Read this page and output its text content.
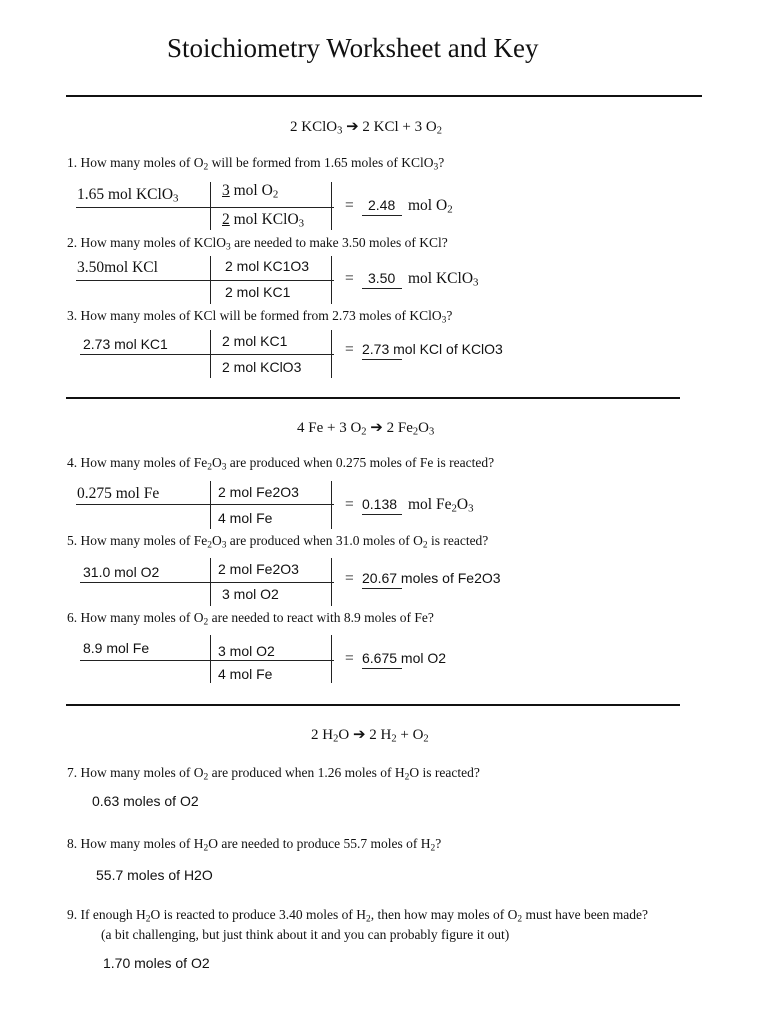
Stoichiometry Worksheet and Key
2 KClO$_3$ ➔ 2 KCl + 3 $O_2$
1. How many moles of $O_2$ will be formed from 1.65 moles of KClO$_3$?
1.65 mol KClO$_3$	3 mol $O_2$
2 mol KClO$_3$
= 2.48 mol $O_2$
2. How many moles of KClO$_3$ are needed to make 3.50 moles of KCl?
3.50mol KCl	2 mol KC1O3
2 mol KC1
= 3.50 mol KClO$_3$
3. How many moles of KCl will be formed from 2.73 moles of KClO$_3$?
2.73 mol KC1	2 mol KC1
2 mol KClO3
= 2.73 mol KCl of KClO3
4 Fe + 3 $O_2$ ➔ 2 $Fe_2O_3$
4. How many moles of $Fe_2O_3$ are produced when 0.275 moles of Fe is reacted?
0.275 mol Fe	2 mol Fe2O3
4 mol Fe
= 0.138 mol $Fe_2O_3$
5. How many moles of $Fe_2O_3$ are produced when 31.0 moles of $O_2$ is reacted?
31.0 mol O2	2 mol Fe2O3
3 mol O2
= 20.67 moles of Fe2O3
6. How many moles of $O_2$ are needed to react with 8.9 moles of Fe?
8.9 mol Fe	3 mol O2
4 mol Fe
= 6.675 mol O2
2 $H_2O$ ➔ 2 $H_2 + O_2$
7. How many moles of $O_2$ are produced when 1.26 moles of $H_2O$ is reacted?
0.63 moles of O2
8. How many moles of $H_2O$ are needed to produce 55.7 moles of $H_2$?
55.7 moles of H2O
9. If enough $H_2O$ is reacted to produce 3.40 moles of $H_2$, then how may moles of $O_2$ must have been made?
(a bit challenging, but just think about it and you can probably figure it out)
1.70 moles of O2
